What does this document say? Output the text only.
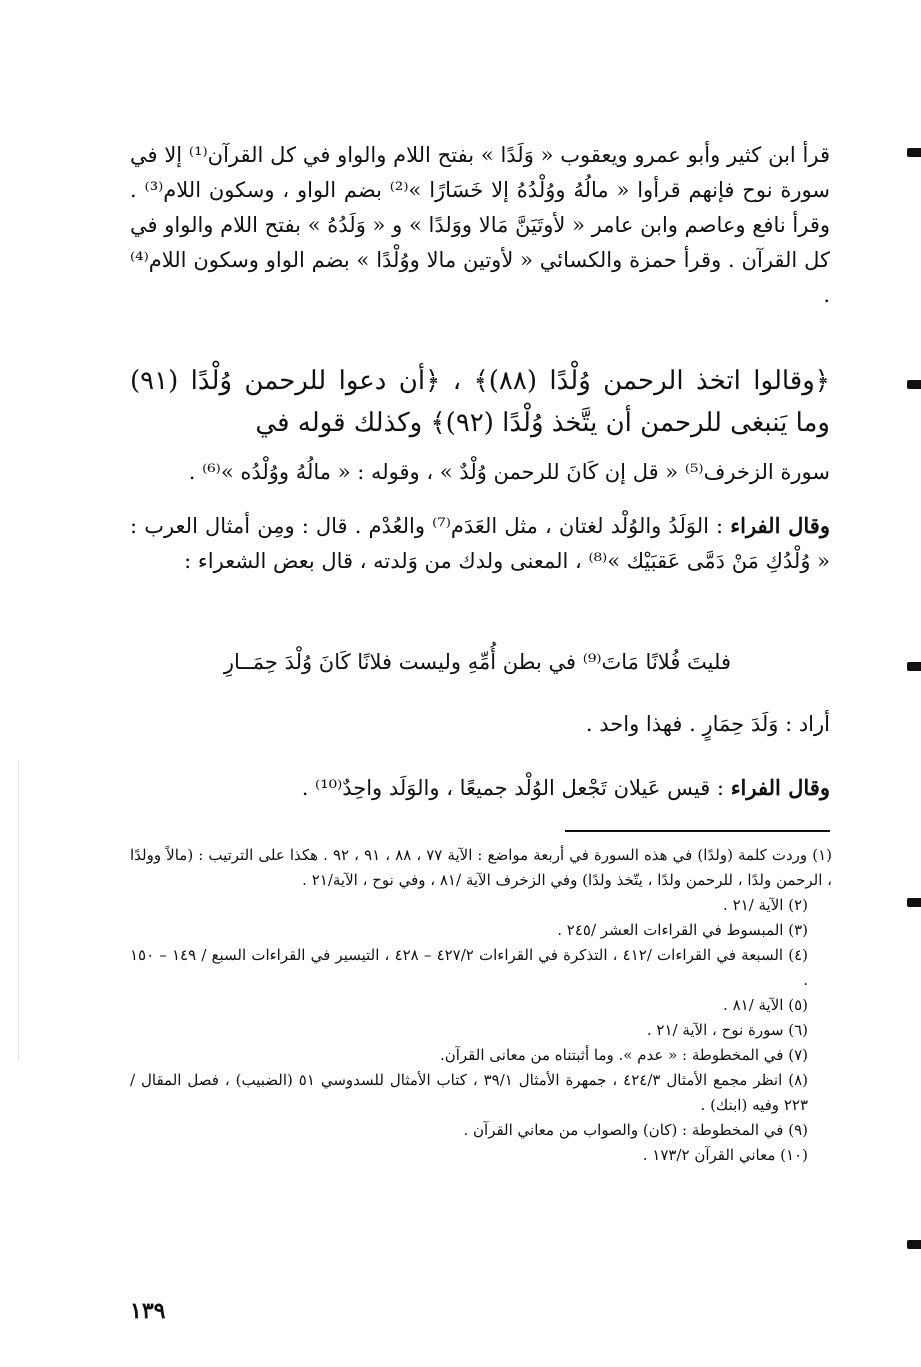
قرأ ابن كثير وأبو عمرو ويعقوب « وَلَدًا » بفتح اللام والواو في كل القرآن⁽¹⁾ إلا في سورة نوح فإنهم قرأوا « مالُهُ ووُلْدُهُ إلا خَسَارًا »⁽²⁾ بضم الواو ، وسكون اللام⁽³⁾ . وقرأ نافع وعاصم وابن عامر « لأوتَيَنَّ مَالا ووَلدًا » و « وَلَدُهُ » بفتح اللام والواو في كل القرآن . وقرأ حمزة والكسائي « لأوتين مالا ووُلْدًا » بضم الواو وسكون اللام⁽⁴⁾ .
﴿وقالوا اتخذ الرحمن وُلْدًا (٨٨)﴾ ، ﴿أن دعوا للرحمن وُلْدًا (٩١) وما يَنبغى للرحمن أن يتَّخذ وُلْدًا (٩٢)﴾ وكذلك قوله في
سورة الزخرف⁽⁵⁾ « قل إن كَانَ للرحمن وُلْدٌ » ، وقوله : « مالُهُ ووُلْدُه »⁽⁶⁾ .
وقال الفراء : الوَلَدُ والوُلْد لغتان ، مثل العَدَم⁽⁷⁾ والعُدْم . قال : ومِن أمثال العرب : « وُلْدُكِ مَنْ دَمَّى عَقبَيْك »⁽⁸⁾ ، المعنى ولدك من وَلدته ، قال بعض الشعراء :
فليتَ فُلانًا مَاتَ⁽⁹⁾ في بطن أُمِّهِ
وليست فلانًا كَانَ وُلْدَ حِمَــارِ
أراد : وَلَدَ حِمَارٍ . فهذا واحد .
وقال الفراء : قيس عَيلان تَجْعل الوُلْد جميعًا ، والوَلَد واحِدٌ⁽¹⁰⁾ .
(١) وردت كلمة (ولدًا) في هذه السورة في أربعة مواضع : الآية ٧٧ ، ٨٨ ، ٩١ ، ٩٢ . هكذا على الترتيب : (مالاً وولدًا ، الرحمن ولدًا ، للرحمن ولدًا ، يتّخذ ولدًا) وفي الزخرف الآية /٨١ ، وفي نوح ، الآية/٢١ .
(٢) الآية /٢١ .
(٣) المبسوط في القراءات العشر /٢٤٥ .
(٤) السبعة في القراءات /٤١٢ ، التذكرة في القراءات ٤٢٧/٢ – ٤٢٨ ، التيسير في القراءات السبع / ١٤٩ – ١٥٠ .
(٥) الآية /٨١ .
(٦) سورة نوح ، الآية /٢١ .
(٧) في المخطوطة : « عدم ». وما أثبتناه من معانى القرآن.
(٨) انظر مجمع الأمثال ٤٢٤/٣ ، جمهرة الأمثال ٣٩/١ ، كتاب الأمثال للسدوسي ٥١ (الضبيب) ، فصل المقال /٢٢٣ وفيه (ابنك) .
(٩) في المخطوطة : (كان) والصواب من معاني القرآن .
(١٠) معاني القرآن ١٧٣/٢ .
١٣٩
